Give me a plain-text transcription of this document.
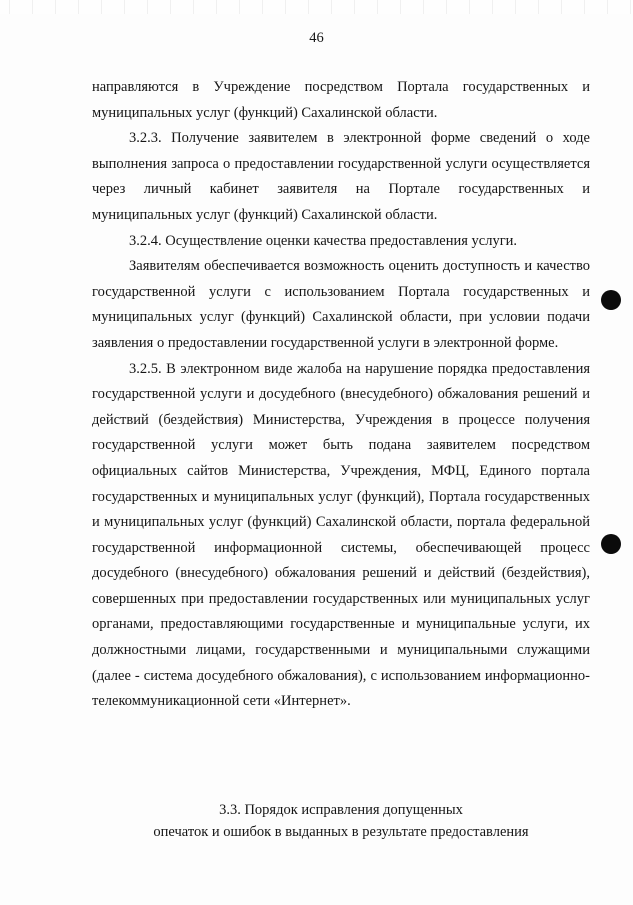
46

направляются в Учреждение посредством Портала государственных и муниципальных услуг (функций) Сахалинской области.

3.2.3. Получение заявителем в электронной форме сведений о ходе выполнения запроса о предоставлении государственной услуги осуществляется через личный кабинет заявителя на Портале государственных и муниципальных услуг (функций) Сахалинской области.

3.2.4. Осуществление оценки качества предоставления услуги.

Заявителям обеспечивается возможность оценить доступность и качество государственной услуги с использованием Портала государственных и муниципальных услуг (функций) Сахалинской области, при условии подачи заявления о предоставлении государственной услуги в электронной форме.

3.2.5. В электронном виде жалоба на нарушение порядка предоставления государственной услуги и досудебного (внесудебного) обжалования решений и действий (бездействия) Министерства, Учреждения в процессе получения государственной услуги может быть подана заявителем посредством официальных сайтов Министерства, Учреждения, МФЦ, Единого портала государственных и муниципальных услуг (функций), Портала государственных и муниципальных услуг (функций) Сахалинской области, портала федеральной государственной информационной системы, обеспечивающей процесс досудебного (внесудебного) обжалования решений и действий (бездействия), совершенных при предоставлении государственных или муниципальных услуг органами, предоставляющими государственные и муниципальные услуги, их должностными лицами, государственными и муниципальными служащими (далее - система досудебного обжалования), с использованием информационно-телекоммуникационной сети «Интернет».

3.3. Порядок исправления допущенных
опечаток и ошибок в выданных в результате предоставления
